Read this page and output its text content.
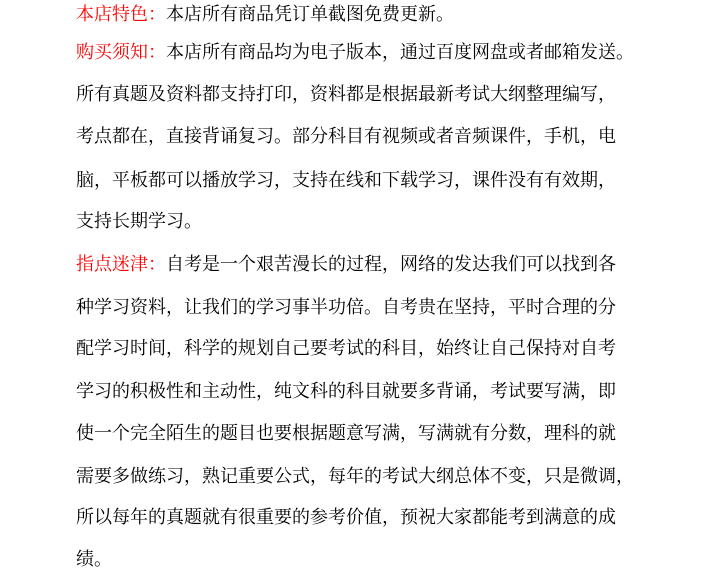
本店特色：本店所有商品凭订单截图免费更新。
购买须知：本店所有商品均为电子版本，通过百度网盘或者邮箱发送。
所有真题及资料都支持打印，资料都是根据最新考试大纲整理编写，
考点都在，直接背诵复习。部分科目有视频或者音频课件，手机，电
脑，平板都可以播放学习，支持在线和下载学习，课件没有有效期，
支持长期学习。
指点迷津：自考是一个艰苦漫长的过程，网络的发达我们可以找到各
种学习资料，让我们的学习事半功倍。自考贵在坚持，平时合理的分
配学习时间，科学的规划自己要考试的科目，始终让自己保持对自考
学习的积极性和主动性，纯文科的科目就要多背诵，考试要写满，即
使一个完全陌生的题目也要根据题意写满，写满就有分数，理科的就
需要多做练习，熟记重要公式，每年的考试大纲总体不变，只是微调，
所以每年的真题就有很重要的参考价值，预祝大家都能考到满意的成
绩。
